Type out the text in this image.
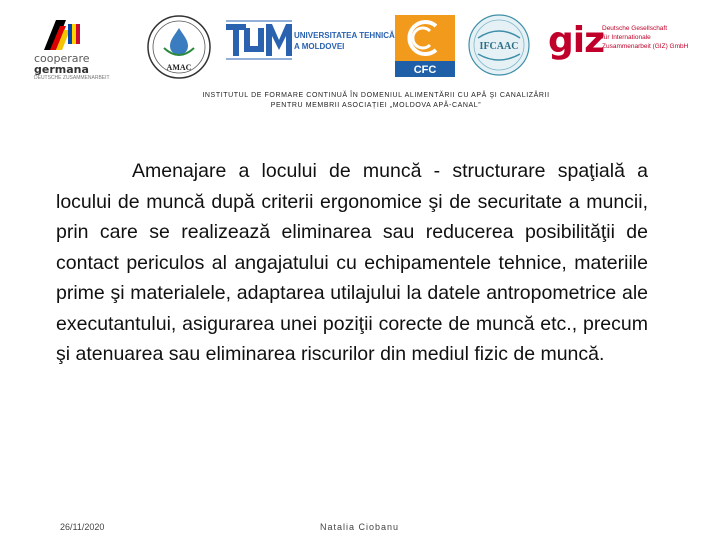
cooperare
germana
DEUTSCHE ZUSAMMENARBEIT
AMAC
UNIVERSITATEA TEHNICĂ
A MOLDOVEI
CFC
IFCAAC giz
Deutsche Gesellschaft
für Internationale
Zusammenarbeit (GIZ) GmbH
INSTITUTUL DE FORMARE CONTINUĂ ÎN DOMENIUL ALIMENTĂRII CU APĂ ŞI CANALIZĂRII
PENTRU MEMBRII ASOCIAȚIEI „MOLDOVA APĂ-CANAL”
Amenajare a locului de muncă - structurare spaţială a locului de muncă după criterii ergonomice şi de securitate a muncii, prin care se realizează eliminarea sau reducerea posibilităţii de contact periculos al angajatului cu echipamentele tehnice, materiile prime şi materialele, adaptarea utilajului la datele antropometrice ale executantului, asigurarea unei poziţii corecte de muncă etc., precum şi atenuarea sau eliminarea riscurilor din mediul fizic de muncă.
26/11/2020	Natalia Ciobanu
